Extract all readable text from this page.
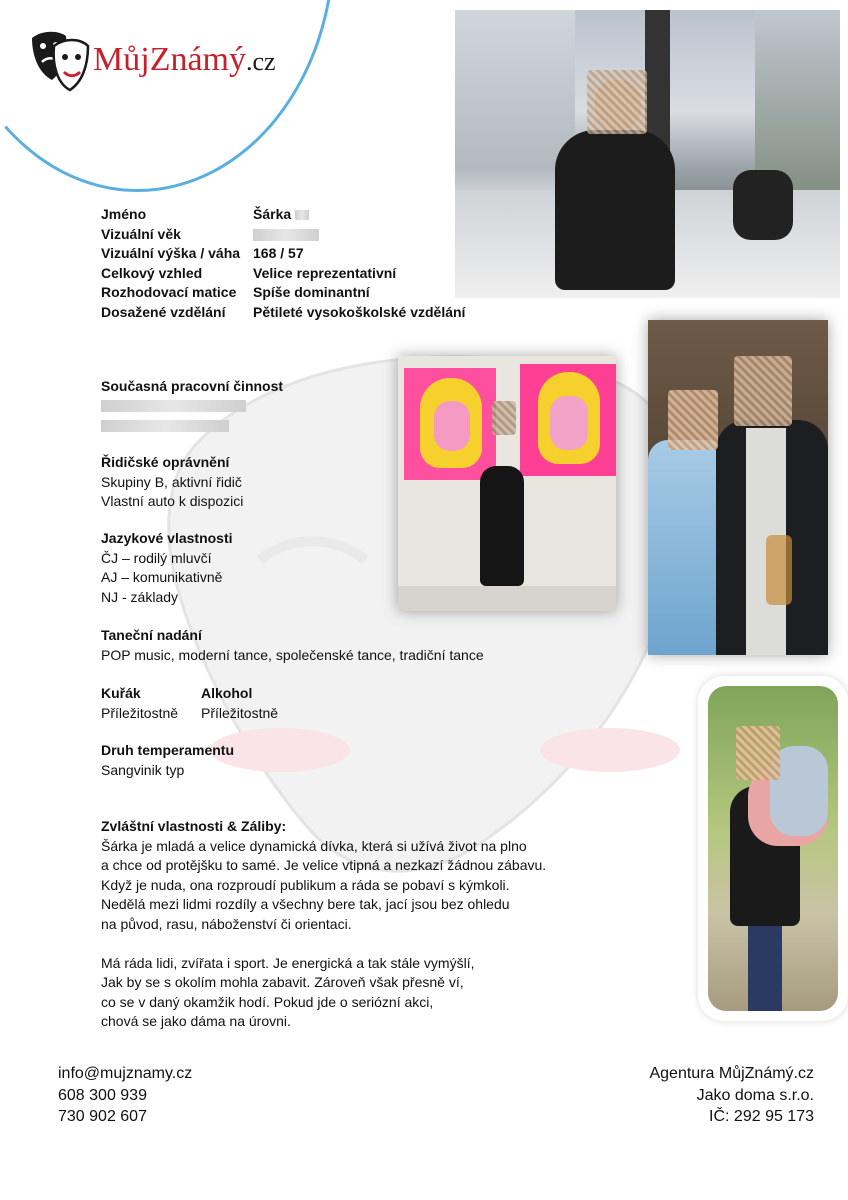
MůjZnámý.cz
Jméno
Vizuální věk
Vizuální výška / váha
Celkový vzhled
Rozhodovací matice
Dosažené vzdělání
Šárka
168 / 57
Velice reprezentativní
Spíše dominantní
Pětileté vysokoškolské vzdělání
Současná pracovní činnost
Řidičské oprávnění
Skupiny B, aktivní řidič
Vlastní auto k dispozici
Jazykové vlastnosti
ČJ – rodilý mluvčí
AJ – komunikativně
NJ - základy
Taneční nadání
POP music, moderní tance, společenské tance, tradiční tance
Kuřák
Příležitostně
Alkohol
Příležitostně
Druh temperamentu
Sangvinik typ
Zvláštní vlastnosti & Záliby:
Šárka je mladá a velice dynamická dívka, která si užívá život na plno
a chce od protějšku to samé. Je velice vtipná a nezkazí žádnou zábavu.
Když je nuda, ona rozproudí publikum a ráda se pobaví s kýmkoli.
Nedělá mezi lidmi rozdíly a všechny bere tak, jací jsou bez ohledu
na původ, rasu, náboženství či orientaci.
Má ráda lidi, zvířata i sport. Je energická a tak stále vymýšlí,
Jak by se s okolím mohla zabavit. Zároveň však přesně ví,
co se v daný okamžik hodí. Pokud jde o seriózní akci,
chová se jako dáma na úrovni.
info@mujznamy.cz
608 300 939
730 902 607
Agentura MůjZnámý.cz
Jako doma s.r.o.
IČ: 292 95 173
